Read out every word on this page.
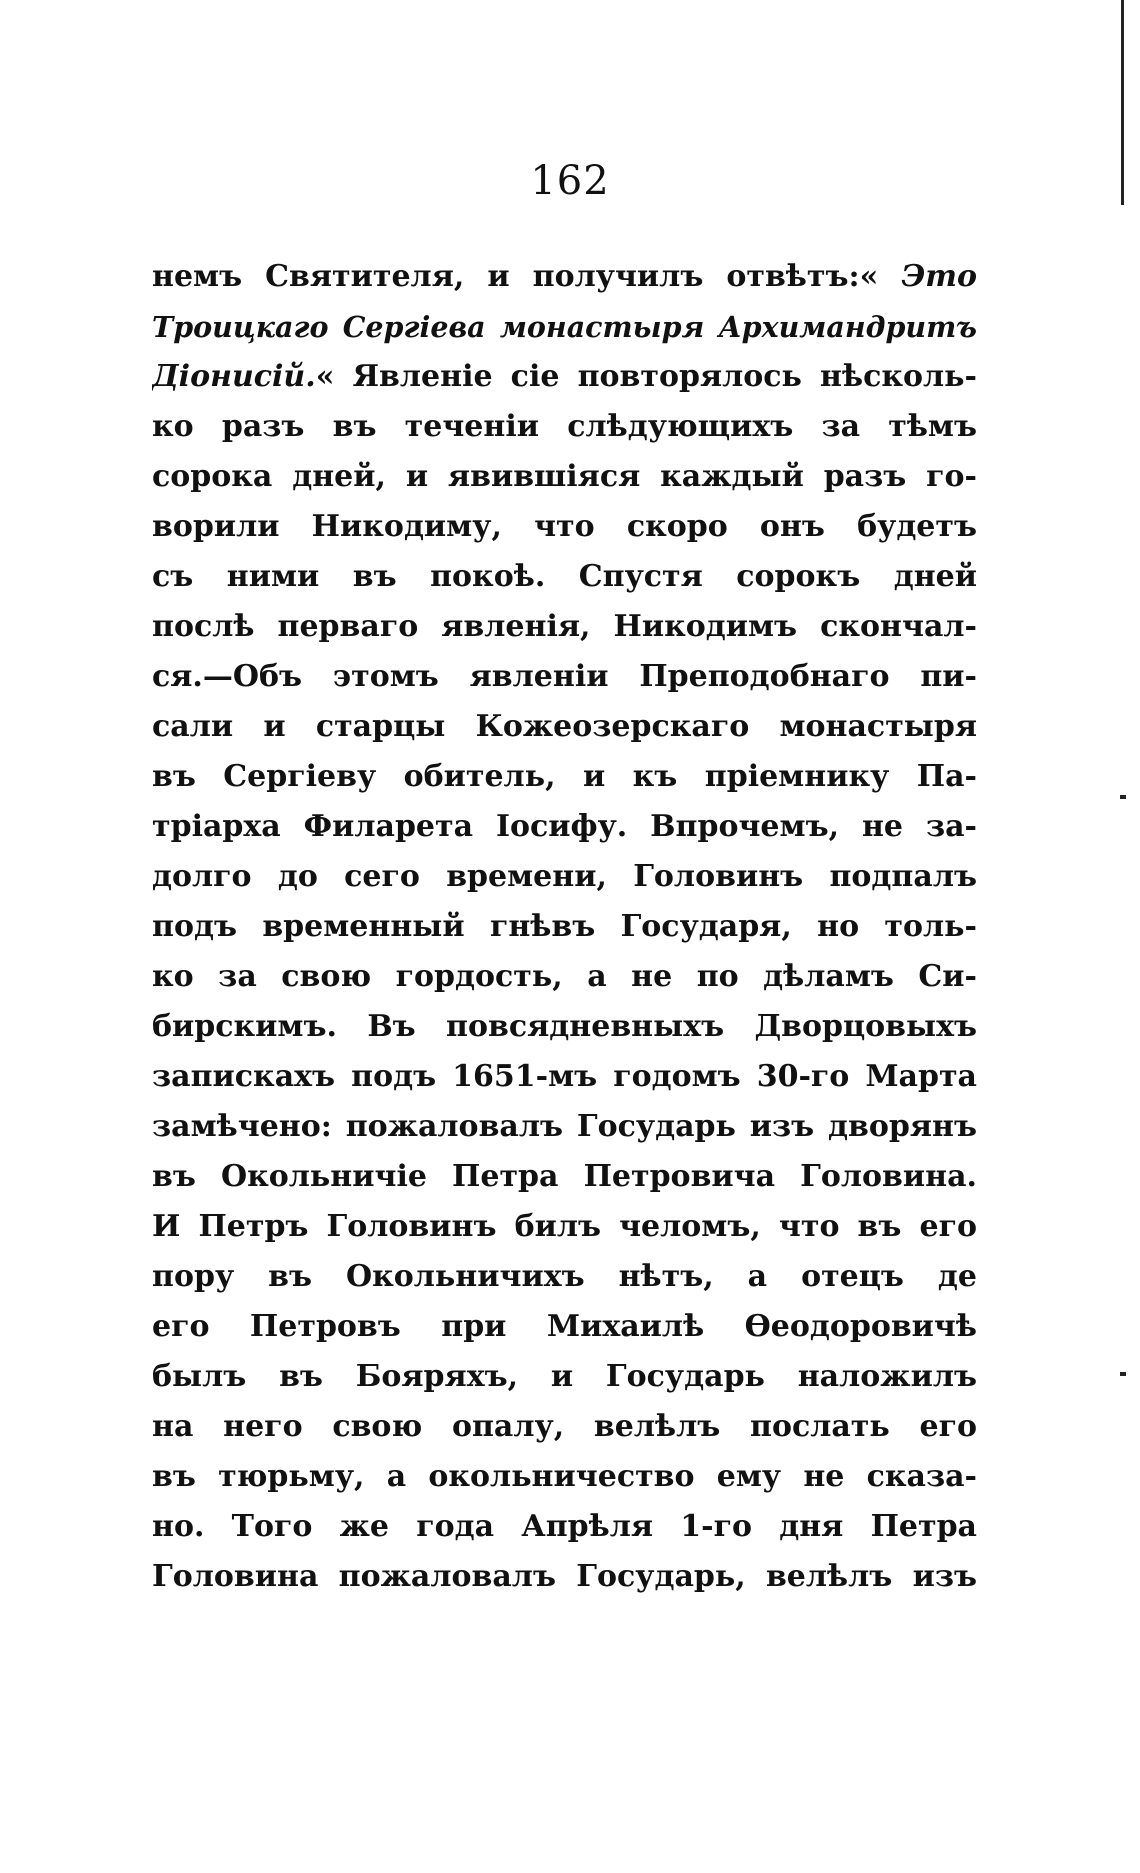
162
немъ Святителя, и получилъ отвѣтъ:« Это
Троицкаго Сергіева монастыря Архимандритъ
Діонисій.« Явленіе сіе повторялось нѣсколь-
ко разъ въ теченіи слѣдующихъ за тѣмъ
сорока дней, и явившіяся каждый разъ го-
ворили Никодиму, что скоро онъ будетъ
съ ними въ покоѣ. Спустя сорокъ дней
послѣ перваго явленія, Никодимъ скончал-
ся.—Объ этомъ явленіи Преподобнаго пи-
сали и старцы Кожеозерскаго монастыря
въ Сергіеву обитель, и къ пріемнику Па-
тріарха Филарета Іосифу. Впрочемъ, не за-
долго до сего времени, Головинъ подпалъ
подъ временный гнѣвъ Государя, но толь-
ко за свою гордость, а не по дѣламъ Си-
бирскимъ. Въ повсядневныхъ Дворцовыхъ
запискахъ подъ 1651-мъ годомъ 30-го Марта
замѣчено: пожаловалъ Государь изъ дворянъ
въ Окольничіе Петра Петровича Головина.
И Петръ Головинъ билъ челомъ, что въ его
пору въ Окольничихъ нѣтъ, а отецъ де
его Петровъ при Михаилѣ Ѳеодоровичѣ
былъ въ Бояряхъ, и Государь наложилъ
на него свою опалу, велѣлъ послать его
въ тюрьму, а окольничество ему не сказа-
но. Того же года Апрѣля 1-го дня Петра
Головина пожаловалъ Государь, велѣлъ изъ
